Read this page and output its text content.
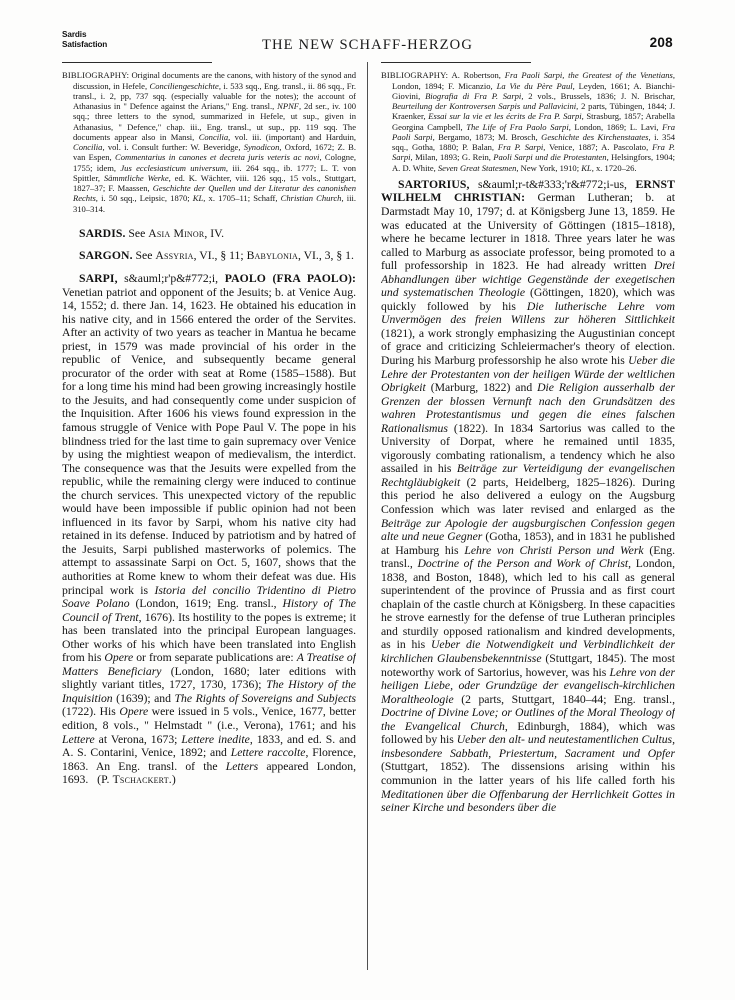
Sardis
Satisfaction	THE NEW SCHAFF-HERZOG	208

BIBLIOGRAPHY: Original documents are the canons, with history of the synod and discussion, in Hefele, Conciliengeschichte, i. 533 sqq., Eng. transl., ii. 86 sqq., Fr. transl., i. 2, pp, 737 sqq. (especially valuable for the notes); the account of Athanasius in " Defence against the Arians," Eng. transl., NPNF, 2d ser., iv. 100 sqq.; three letters to the synod, summarized in Hefele, ut sup., given in Athanasius, " Defence," chap. iii., Eng. transl., ut sup., pp. 119 sqq. The documents appear also in Mansi, Concilia, vol. iii. (important) and Harduin, Concilia, vol. i. Consult further: W. Beveridge, Synodicon, Oxford, 1672; Z. B. van Espen, Commentarius in canones et decreta juris veteris ac novi, Cologne, 1755; idem, Jus ecclesiasticum universum, iii. 264 sqq., ib. 1777; L. T. von Spittler, Sämmtliche Werke, ed. K. Wächter, viii. 126 sqq., 15 vols., Stuttgart, 1827–37; F. Maassen, Geschichte der Quellen und der Literatur des canonishen Rechts, i. 50 sqq., Leipsic, 1870; KL, x. 1705–11; Schaff, Christian Church, iii. 310–314.

SARDIS. See Asia Minor, IV.

SARGON. See Assyria, VI., § 11; Babylonia, VI., 3, § 1.

SARPI, s&auml;r'p&#772;i, PAOLO (FRA PAOLO): Venetian patriot and opponent of the Jesuits; b. at Venice Aug. 14, 1552; d. there Jan. 14, 1623. He obtained his education in his native city, and in 1566 entered the order of the Servites. After an activity of two years as teacher in Mantua he became priest, in 1579 was made provincial of his order in the republic of Venice, and subsequently became general procurator of the order with seat at Rome (1585–1588). But for a long time his mind had been growing increasingly hostile to the Jesuits, and had consequently come under suspicion of the Inquisition. After 1606 his views found expression in the famous struggle of Venice with Pope Paul V. The pope in his blindness tried for the last time to gain supremacy over Venice by using the mightiest weapon of medievalism, the interdict. The consequence was that the Jesuits were expelled from the republic, while the remaining clergy were induced to continue the church services. This unexpected victory of the republic would have been impossible if public opinion had not been influenced in its favor by Sarpi, whom his native city had retained in its defense. Induced by patriotism and by hatred of the Jesuits, Sarpi published masterworks of polemics. The attempt to assassinate Sarpi on Oct. 5, 1607, shows that the authorities at Rome knew to whom their defeat was due. His principal work is Istoria del concilio Tridentino di Pietro Soave Polano (London, 1619; Eng. transl., History of The Council of Trent, 1676). Its hostility to the popes is extreme; it has been translated into the principal European languages. Other works of his which have been translated into English from his Opere or from separate publications are: A Treatise of Matters Beneficiary (London, 1680; later editions with slightly variant titles, 1727, 1730, 1736); The History of the Inquisition (1639); and The Rights of Sovereigns and Subjects (1722). His Opere were issued in 5 vols., Venice, 1677, better edition, 8 vols., " Helmstadt " (i.e., Verona), 1761; and his Lettere at Verona, 1673; Lettere inedite, 1833, and ed. S. and A. S. Contarini, Venice, 1892; and Lettere raccolte, Florence, 1863. An Eng. transl. of the Letters appeared London, 1693. (P. Tschackert.)

BIBLIOGRAPHY: A. Robertson, Fra Paoli Sarpi, the Greatest of the Venetians, London, 1894; F. Micanzio, La Vie du Père Paul, Leyden, 1661; A. Bianchi-Giovini, Biografia di Fra P. Sarpi, 2 vols., Brussels, 1836; J. N. Brischar, Beurteilung der Kontroversen Sarpis und Pallavicini, 2 parts, Tübingen, 1844; J. Kraenker, Essai sur la vie et les écrits de Fra P. Sarpi, Strasburg, 1857; Arabella Georgina Campbell, The Life of Fra Paolo Sarpi, London, 1869; L. Lavi, Fra Paoli Sarpi, Bergamo, 1873; M. Brosch, Geschichte des Kirchenstaates, i. 354 sqq., Gotha, 1880; P. Balan, Fra P. Sarpi, Venice, 1887; A. Pascolato, Fra P. Sarpi, Milan, 1893; G. Rein, Paoli Sarpi und die Protestanten, Helsingfors, 1904; A. D. White, Seven Great Statesmen, New York, 1910; KL, x. 1720–26.

SARTORIUS, s&auml;r-t&#333;'r&#772;i-us, ERNST WILHELM CHRISTIAN: German Lutheran; b. at Darmstadt May 10, 1797; d. at Königsberg June 13, 1859. He was educated at the University of Göttingen (1815–1818), where he became lecturer in 1818. Three years later he was called to Marburg as associate professor, being promoted to a full professorship in 1823. He had already written Drei Abhandlungen über wichtige Gegenstände der exegetischen und systematischen Theologie (Göttingen, 1820), which was quickly followed by his Die lutherische Lehre vom Unvermögen des freien Willens zur höheren Sittlichkeit (1821), a work strongly emphasizing the Augustinian concept of grace and criticizing Schleiermacher's theory of election. During his Marburg professorship he also wrote his Ueber die Lehre der Protestanten von der heiligen Würde der weltlichen Obrigkeit (Marburg, 1822) and Die Religion ausserhalb der Grenzen der blossen Vernunft nach den Grundsätzen des wahren Protestantismus und gegen die eines falschen Rationalismus (1822). In 1834 Sartorius was called to the University of Dorpat, where he remained until 1835, vigorously combating rationalism, a tendency which he also assailed in his Beiträge zur Verteidigung der evangelischen Rechtgläubigkeit (2 parts, Heidelberg, 1825–1826). During this period he also delivered a eulogy on the Augsburg Confession which was later revised and enlarged as the Beiträge zur Apologie der augsburgischen Confession gegen alte und neue Gegner (Gotha, 1853), and in 1831 he published at Hamburg his Lehre von Christi Person und Werk (Eng. transl., Doctrine of the Person and Work of Christ, London, 1838, and Boston, 1848), which led to his call as general superintendent of the province of Prussia and as first court chaplain of the castle church at Königsberg. In these capacities he strove earnestly for the defense of true Lutheran principles and sturdily opposed rationalism and kindred developments, as in his Ueber die Notwendigkeit und Verbindlichkeit der kirchlichen Glaubensbekenntnisse (Stuttgart, 1845). The most noteworthy work of Sartorius, however, was his Lehre von der heiligen Liebe, oder Grundzüge der evangelisch-kirchlichen Moraltheologie (2 parts, Stuttgart, 1840–44; Eng. transl., Doctrine of Divine Love; or Outlines of the Moral Theology of the Evangelical Church, Edinburgh, 1884), which was followed by his Ueber den alt- und neutestamentlichen Cultus, insbesondere Sabbath, Priestertum, Sacrament und Opfer (Stuttgart, 1852). The dissensions arising within his communion in the latter years of his life called forth his Meditationen über die Offenbarung der Herrlichkeit Gottes in seiner Kirche und besonders über die
